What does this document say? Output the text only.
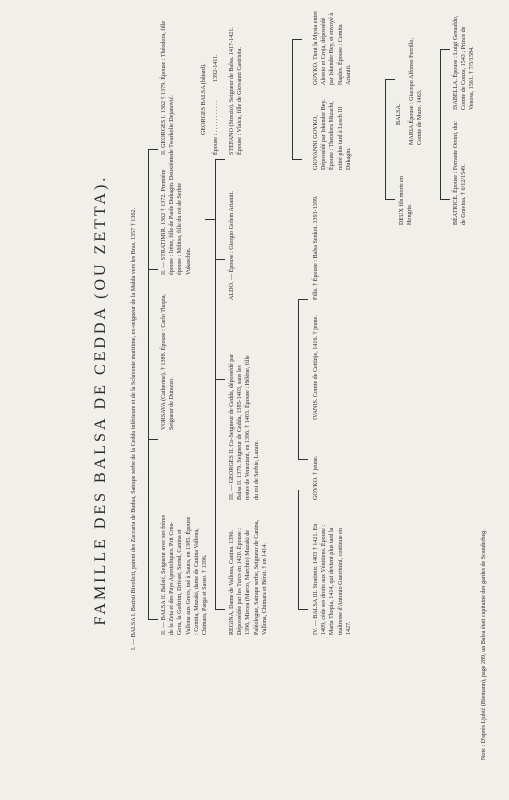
FAMILLE DES BALSA DE CEDDA (OU ZETTA).	I. — BALSA I. Barisii Bivolicii, parent des Zaccaria de Budua, Satrape serbe de la Cedda inférieure et de la Sclavonie maritime, ex-seigneur de la Malda vers les Bras. 1357 † 1362.	II. — BALSA II. Balsić, Seigneur avec ses frères de la Zeta et des Pays Apostoliques. Prit Crna-Gora, la Guštrim, Drivast, Sernd, Canina et Vallona aux Grecs, tué à Saura, en 1385. Épouse : Comita, Muzaki, dame de Canina Vallona, Chimara, Parga et Sasso. † 1396.
VORSAVA (Catherine). † 1388. Épouse : Carlo Thopia, Seigneur de Durazzo.
II. — STRATIMIR. 1362 † 1372. Première épouse : Irène, fille de Paole Dukagin. Deuxième épouse : Militsa, fille du roi de Serbie Vukaschin.
II. GEORGES I. 1362 † 1379. Épouse : Théodora, fille de Twarkolie Dejanović.
REGINA, Dame de Vallona, Canina. 1396. Dépossédée par les Turcs en 1420. Épouse : 1396, Mircea (Marco, Marchio) Muzaki de Paléologue, Satrape serbe, Seigneur de Canina, Vallona, Chimara et Bérat. † en 1414.
III. — GEORGES II. Co-Seigneur de Cedda, dépossédé par Balsa II. 1379. Seigneur de Cedda, 1385-1403, sans les restes de Veneziani, en 1396. † 1403. Épouse : Hélène, fille du roi de Serbie, Lazare.
ALDO. — Épouse : Giorgio Golem Arianiti.
STEFANO (Strezio). Seigneur de Balsa. 1417-1421. Épouse : Vlaica, fille de Giovanni Castriota.
GEORGES BALSA (bâtard). Épouse : . . . . . . . . . . .
1392-1411.
GOYKO. † jeune.
IVANIS. Comte de Cettinje, 1416. † jeune.
Fille. † Épouse : Balsa Senkoi. 1391-1399.
GIOVANNI GOYKO, Dépossédé par Iskender Bey. Épouse : Theodora Mizachi, retiré plus tard à Lesch III Dukagin.
GOYKO. Tient la Mysia entre Alessio et Croja, dépossédé par Iskender Bey, et envoyé à Naples. Épouse : Comita Arianiti.
IV. — BALSA III. Stratimir. 1403 † 1421. En 1409, cède ses droits aux Vénitiens. Épouse : Maria Thopia, 1414, qui devient plus tard la maîtresse d'Antonio Guerrinini, continue en 1427.
DEUX fils morts en Hongrie.
BALSA. MARIA Épouse : Giacopo Alfonso Ferrillo, Comte de Muro. 1463.
BÉATRICE. Épouse : Ferrante Orsini, duc de Gravina. † 6/12/1549.
ISABELLA. Épouse : Luigi Gesualdo, Comte de Conza, 1543 ; Prince de Venosa, 1561. † 7/5/1584.
Note : D'après Ljubić (Biemann), page 289, un Balsa était capitaine des gardes de Scanderbeg.
